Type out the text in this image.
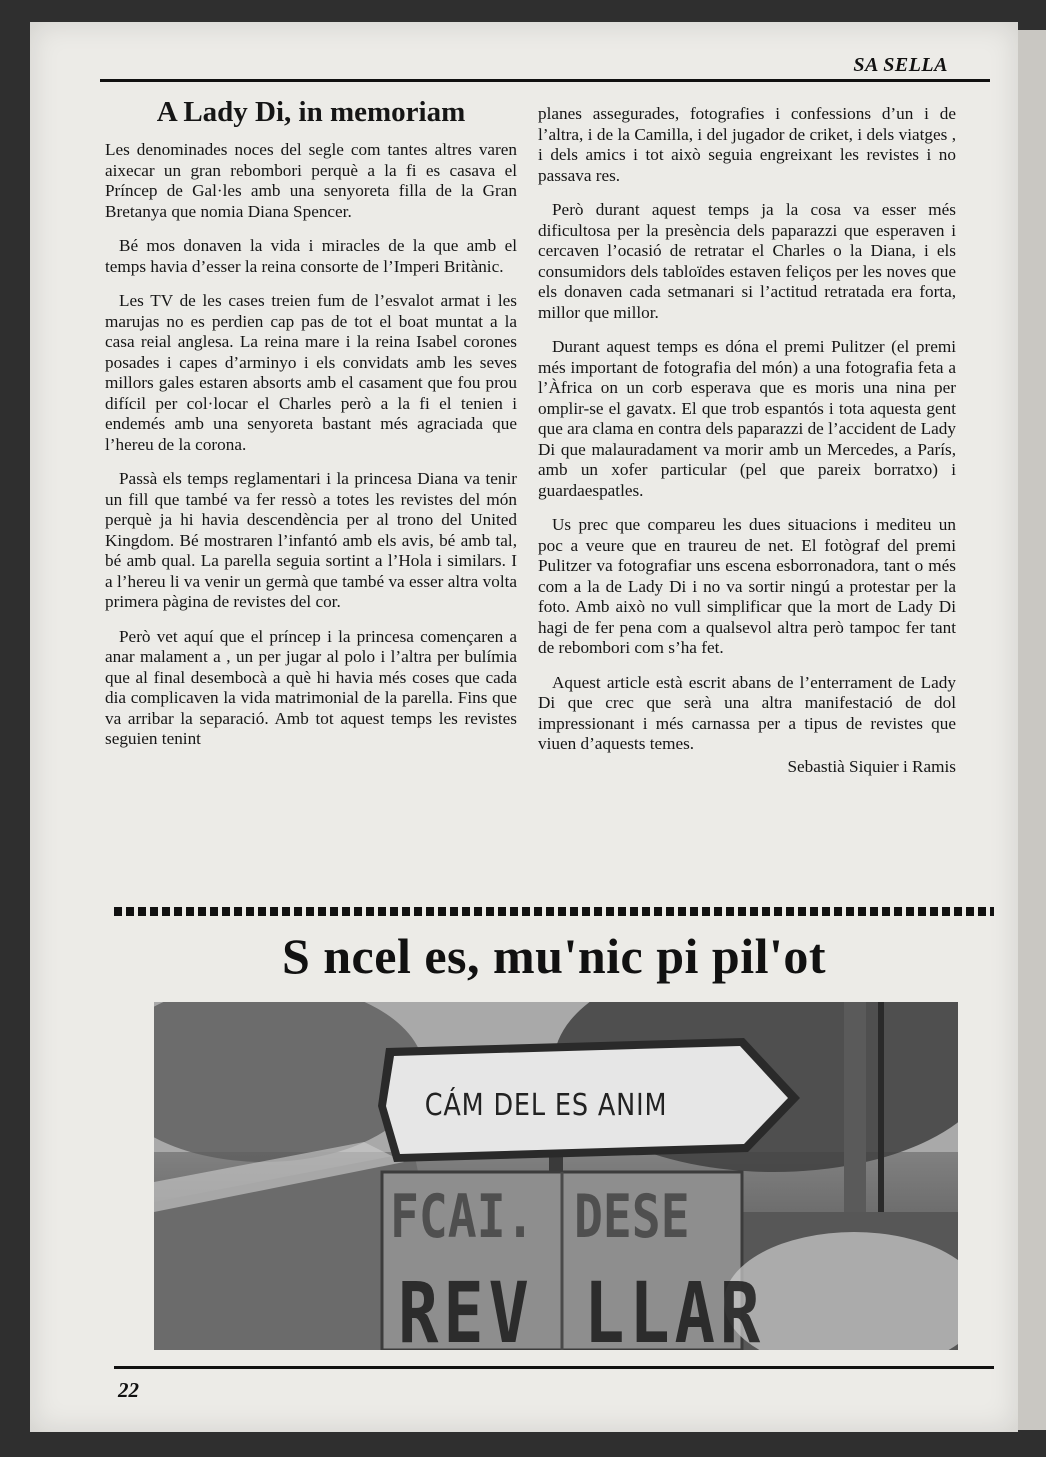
SA SELLA
A Lady Di, in memoriam

Les denominades noces del segle com tantes altres varen aixecar un gran rebombori perquè a la fi es casava el Príncep de Gal·les amb una senyoreta filla de la Gran Bretanya que nomia Diana Spencer.

Bé mos donaven la vida i miracles de la que amb el temps havia d’esser la reina consorte de l’Imperi Britànic.

Les TV de les cases treien fum de l’esvalot armat i les marujas no es perdien cap pas de tot el boat muntat a la casa reial anglesa. La reina mare i la reina Isabel corones posades i capes d’arminyo i els convidats amb les seves millors gales estaren absorts amb el casament que fou prou difícil per col·locar el Charles però a la fi el tenien i endemés amb una senyoreta bastant més agraciada que l’hereu de la corona.

Passà els temps reglamentari i la princesa Diana va tenir un fill que també va fer ressò a totes les revistes del món perquè ja hi havia descendència per al trono del United Kingdom. Bé mostraren l’infantó amb els avis, bé amb tal, bé amb qual. La parella seguia sortint a l’Hola i similars. I a l’hereu li va venir un germà que també va esser altra volta primera pàgina de revistes del cor.

Però vet aquí que el príncep i la princesa començaren a anar malament a , un per jugar al polo i l’altra per bulímia que al final desembocà a què hi havia més coses que cada dia complicaven la vida matrimonial de la parella. Fins que va arribar la separació. Amb tot aquest temps les revistes seguien tenint

planes assegurades, fotografies i confessions d’un i de l’altra, i de la Camilla, i del jugador de criket, i dels viatges , i dels amics i tot això seguia engreixant les revistes i no passava res.

Però durant aquest temps ja la cosa va esser més dificultosa per la presència dels paparazzi que esperaven i cercaven l’ocasió de retratar el Charles o la Diana, i els consumidors dels tabloïdes estaven feliços per les noves que els donaven cada setmanari si l’actitud retratada era forta, millor que millor.

Durant aquest temps es dóna el premi Pulitzer (el premi més important de fotografia del món) a una fotografia feta a l’Àfrica on un corb esperava que es moris una nina per omplir-se el gavatx. El que trob espantós i tota aquesta gent que ara clama en contra dels paparazzi de l’accident de Lady Di que malauradament va morir amb un Mercedes, a París, amb un xofer particular (pel que pareix borratxo) i guardaespatles.

Us prec que compareu les dues situacions i mediteu un poc a veure que en traureu de net. El fotògraf del premi Pulitzer va fotografiar uns escena esborronadora, tant o més com a la de Lady Di i no va sortir ningú a protestar per la foto. Amb això no vull simplificar que la mort de Lady Di hagi de fer pena com a qualsevol altra però tampoc fer tant de rebombori com s’ha fet.

Aquest article està escrit abans de l’enterrament de Lady Di que crec que serà una altra manifestació de dol impressionant i més carnassa per a tipus de revistes que viuen d’aquests temes.

Sebastià Siquier i Ramis
S ncel es, mu'nic pi pil'ot
CÁM DEL ES ANIM
FCAI. DESE
REV LLAR
22
